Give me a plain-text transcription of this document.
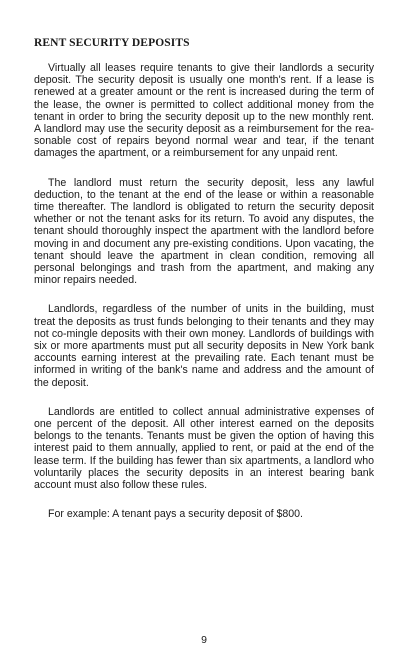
RENT SECURITY DEPOSITS

Virtually all leases require tenants to give their landlords a security deposit. The security deposit is usually one month's rent. If a lease is renewed at a greater amount or the rent is increased during the term of the lease, the owner is permitted to collect additional money from the tenant in order to bring the security deposit up to the new monthly rent. A landlord may use the security deposit as a reimbursement for the reasonable cost of repairs beyond normal wear and tear, if the tenant damages the apartment, or a reimbursement for any unpaid rent.

The landlord must return the security deposit, less any lawful deduction, to the tenant at the end of the lease or within a reasonable time thereafter. The landlord is obligated to return the security deposit whether or not the tenant asks for its return. To avoid any disputes, the tenant should thoroughly inspect the apartment with the landlord before moving in and document any pre-existing conditions. Upon vacating, the tenant should leave the apartment in clean condition, removing all personal belongings and trash from the apartment, and making any minor repairs needed.

Landlords, regardless of the number of units in the building, must treat the deposits as trust funds belonging to their tenants and they may not co-mingle deposits with their own money. Landlords of buildings with six or more apartments must put all security deposits in New York bank accounts earning interest at the prevailing rate. Each tenant must be informed in writing of the bank's name and address and the amount of the deposit.

Landlords are entitled to collect annual administrative expenses of one percent of the deposit. All other interest earned on the deposits belongs to the tenants. Tenants must be given the option of having this interest paid to them annually, applied to rent, or paid at the end of the lease term. If the building has fewer than six apartments, a landlord who voluntarily places the security deposits in an interest bearing bank account must also follow these rules.

For example: A tenant pays a security deposit of $800.

9
